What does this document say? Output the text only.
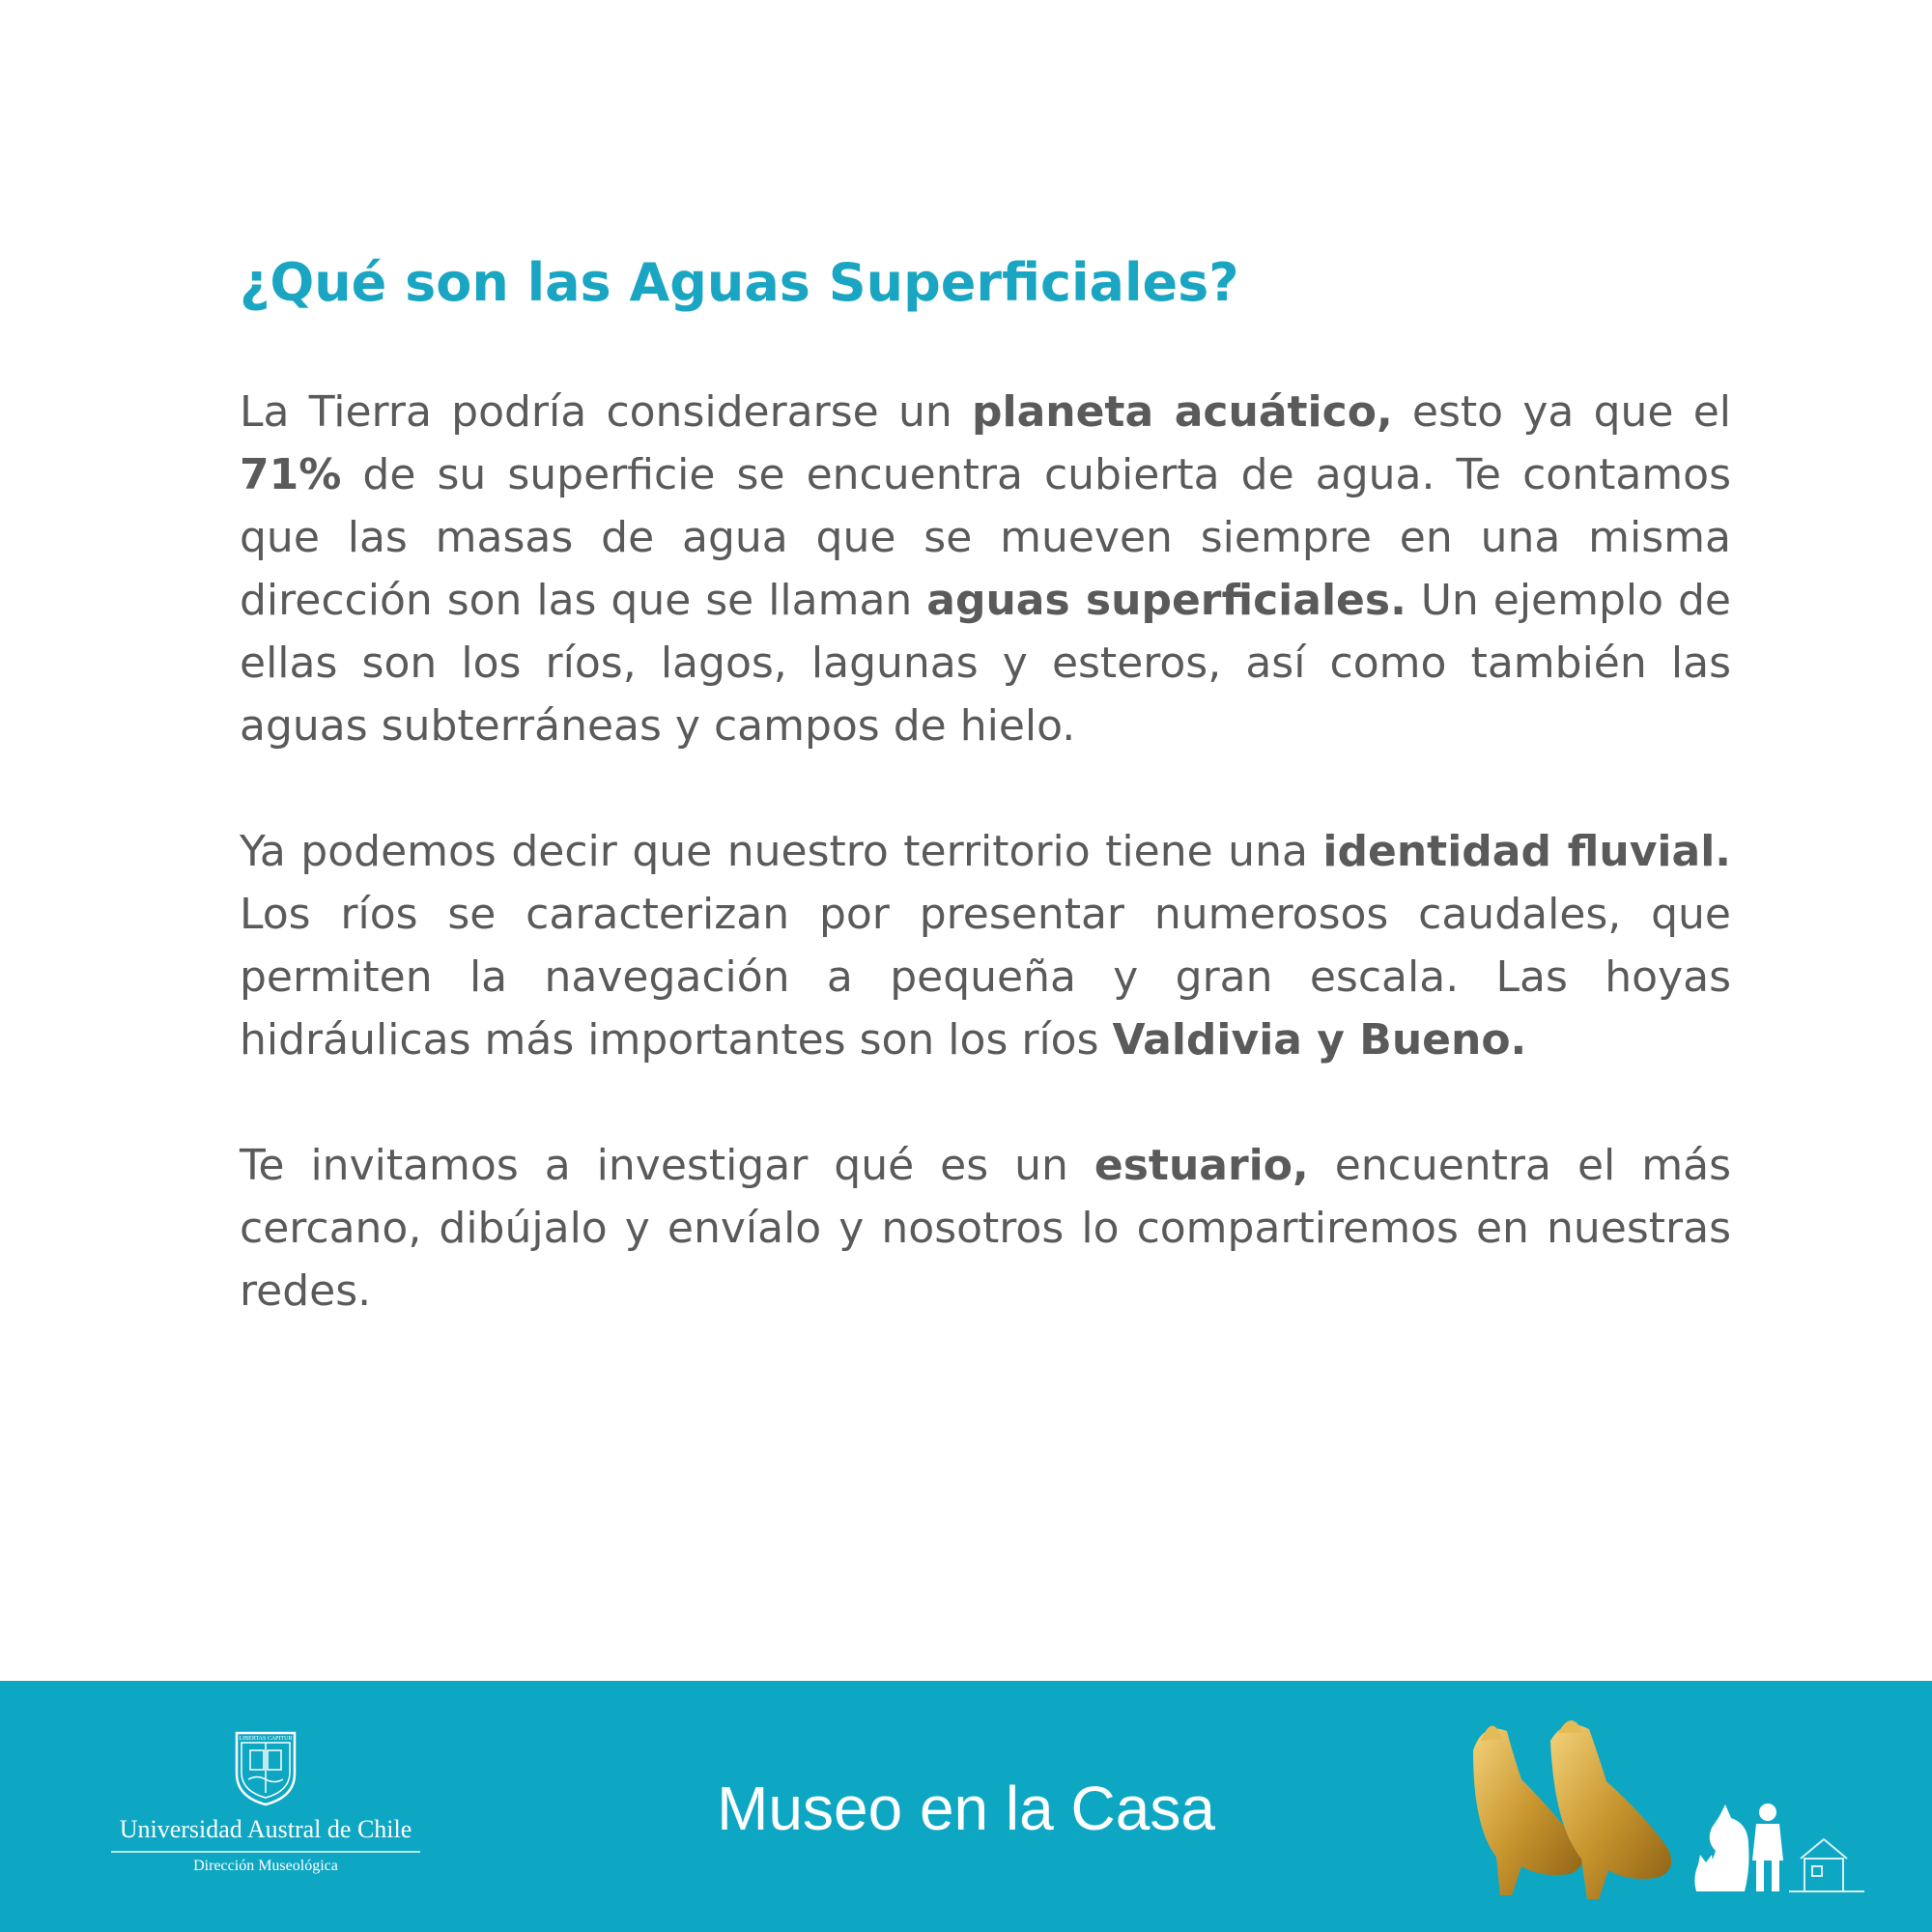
¿Qué son las Aguas Superficiales?

La Tierra podría considerarse un planeta acuático, esto ya que el 71% de su superficie se encuentra cubierta de agua. Te contamos que las masas de agua que se mueven siempre en una misma dirección son las que se llaman aguas superficiales. Un ejemplo de ellas son los ríos, lagos, lagunas y esteros, así como también las aguas subterráneas y campos de hielo.

Ya podemos decir que nuestro territorio tiene una identidad fluvial. Los ríos se caracterizan por presentar numerosos caudales, que permiten la navegación a pequeña y gran escala. Las hoyas hidráulicas más importantes son los ríos Valdivia y Bueno.

Te invitamos a investigar qué es un estuario, encuentra el más cercano, dibújalo y envíalo y nosotros lo compartiremos en nuestras redes.

LIBERTAS CAPITUR
Universidad Austral de Chile
Dirección Museológica
Museo en la Casa
